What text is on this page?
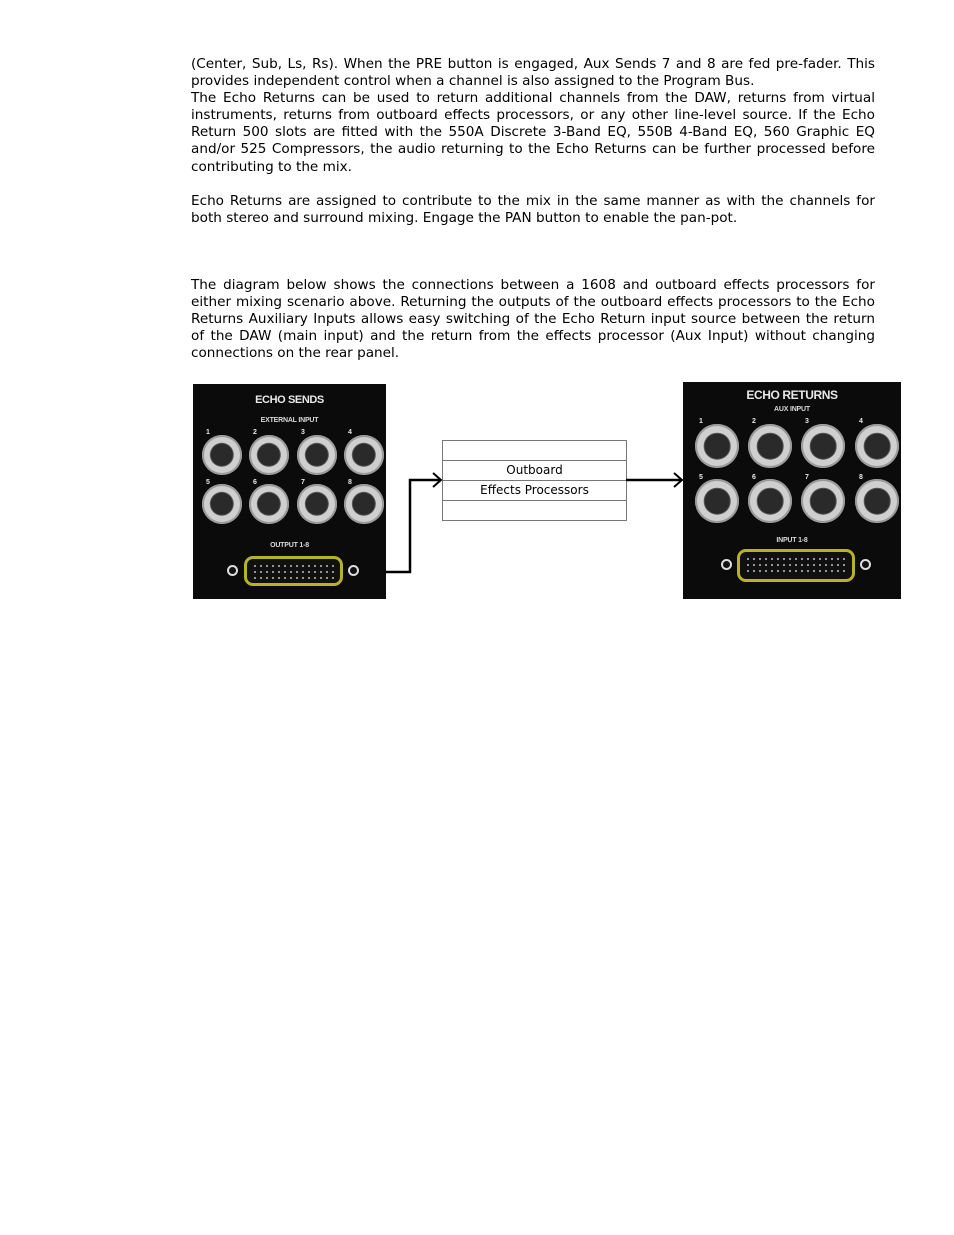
(Center, Sub, Ls, Rs). When the PRE button is engaged, Aux Sends 7 and 8 are fed pre-fader. This provides independent control when a channel is also assigned to the Program Bus.

The Echo Returns can be used to return additional channels from the DAW, returns from virtual instruments, returns from outboard effects processors, or any other line-level source. If the Echo Return 500 slots are fitted with the 550A Discrete 3-Band EQ, 550B 4-Band EQ, 560 Graphic EQ and/or 525 Compressors, the audio returning to the Echo Returns can be further processed before contributing to the mix.

Echo Returns are assigned to contribute to the mix in the same manner as with the channels for both stereo and surround mixing. Engage the PAN button to enable the pan-pot.

The diagram below shows the connections between a 1608 and outboard effects processors for either mixing scenario above. Returning the outputs of the outboard effects processors to the Echo Returns Auxiliary Inputs allows easy switching of the Echo Return input source between the return of the DAW (main input) and the return from the effects processor (Aux Input) without changing connections on the rear panel.

ECHO SENDS
EXTERNAL INPUT
1	2	3	4
5	6	7	8
OUTPUT 1-8
Outboard
Effects Processors
ECHO RETURNS
AUX INPUT
1	2	3	4
5	6	7	8
INPUT 1-8
